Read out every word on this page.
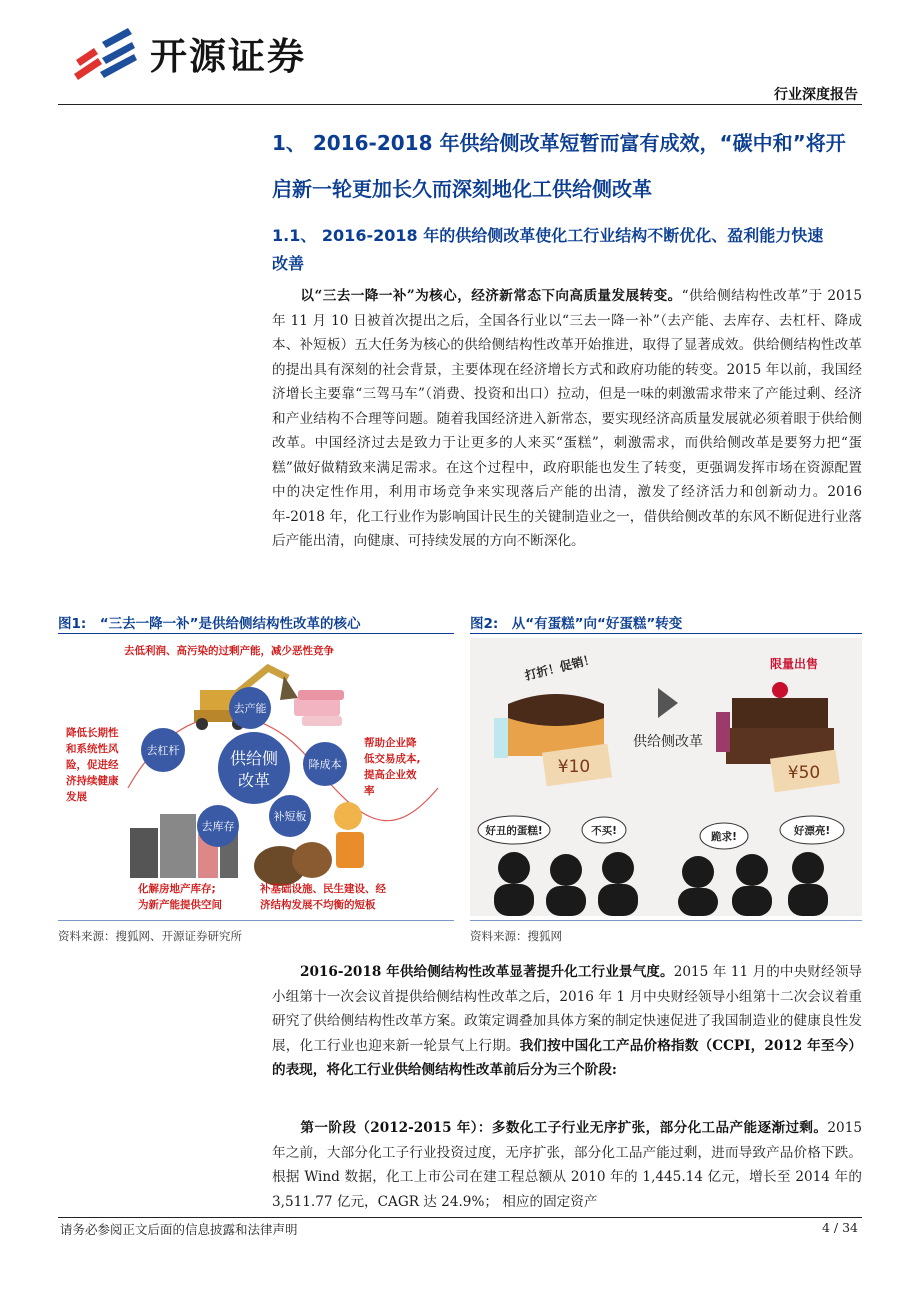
开源证券
行业深度报告
1、 2016-2018 年供给侧改革短暂而富有成效，“碳中和”将开
启新一轮更加长久而深刻地化工供给侧改革
1.1、 2016-2018 年的供给侧改革使化工行业结构不断优化、盈利能力快速
改善
以“三去一降一补”为核心，经济新常态下向高质量发展转变。“供给侧结构性改革”于 2015 年 11 月 10 日被首次提出之后，全国各行业以“三去一降一补”（去产能、去库存、去杠杆、降成本、补短板）五大任务为核心的供给侧结构性改革开始推进，取得了显著成效。供给侧结构性改革的提出具有深刻的社会背景，主要体现在经济增长方式和政府功能的转变。2015 年以前，我国经济增长主要靠“三驾马车”（消费、投资和出口）拉动，但是一味的刺激需求带来了产能过剩、经济和产业结构不合理等问题。随着我国经济进入新常态，要实现经济高质量发展就必须着眼于供给侧改革。中国经济过去是致力于让更多的人来买“蛋糕”，刺激需求，而供给侧改革是要努力把“蛋糕”做好做精致来满足需求。在这个过程中，政府职能也发生了转变，更强调发挥市场在资源配置中的决定性作用，利用市场竞争来实现落后产能的出清，激发了经济活力和创新动力。2016 年-2018 年，化工行业作为影响国计民生的关键制造业之一，借供给侧改革的东风不断促进行业落后产能出清，向健康、可持续发展的方向不断深化。
图1:　“三去一降一补”是供给侧结构性改革的核心
供给侧
改革
去产能
去杠杆
降成本
去库存
补短板
去低利润、高污染的过剩产能，减少恶性竞争
降低长期性
和系统性风
险，促进经
济持续健康
发展
帮助企业降
低交易成本,
提高企业效
率
化解房地产库存;
为新产能提供空间
补基础设施、民生建设、经
济结构发展不均衡的短板
资料来源：搜狐网、开源证券研究所
图2:　从“有蛋糕”向“好蛋糕”转变
¥10
打折！促销！
供给侧改革
限量出售
¥50
好丑的蛋糕!	不买!	跪求!	好漂亮!
资料来源：搜狐网
2016-2018 年供给侧结构性改革显著提升化工行业景气度。2015 年 11 月的中央财经领导小组第十一次会议首提供给侧结构性改革之后，2016 年 1 月中央财经领导小组第十二次会议着重研究了供给侧结构性改革方案。政策定调叠加具体方案的制定快速促进了我国制造业的健康良性发展，化工行业也迎来新一轮景气上行期。我们按中国化工产品价格指数（CCPI，2012 年至今）的表现，将化工行业供给侧结构性改革前后分为三个阶段:
第一阶段（2012-2015 年）：多数化工子行业无序扩张，部分化工品产能逐渐过剩。2015 年之前，大部分化工子行业投资过度，无序扩张，部分化工品产能过剩，进而导致产品价格下跌。根据 Wind 数据，化工上市公司在建工程总额从 2010 年的 1,445.14 亿元，增长至 2014 年的 3,511.77 亿元，CAGR 达 24.9%； 相应的固定资产
请务必参阅正文后面的信息披露和法律声明	4 / 34
